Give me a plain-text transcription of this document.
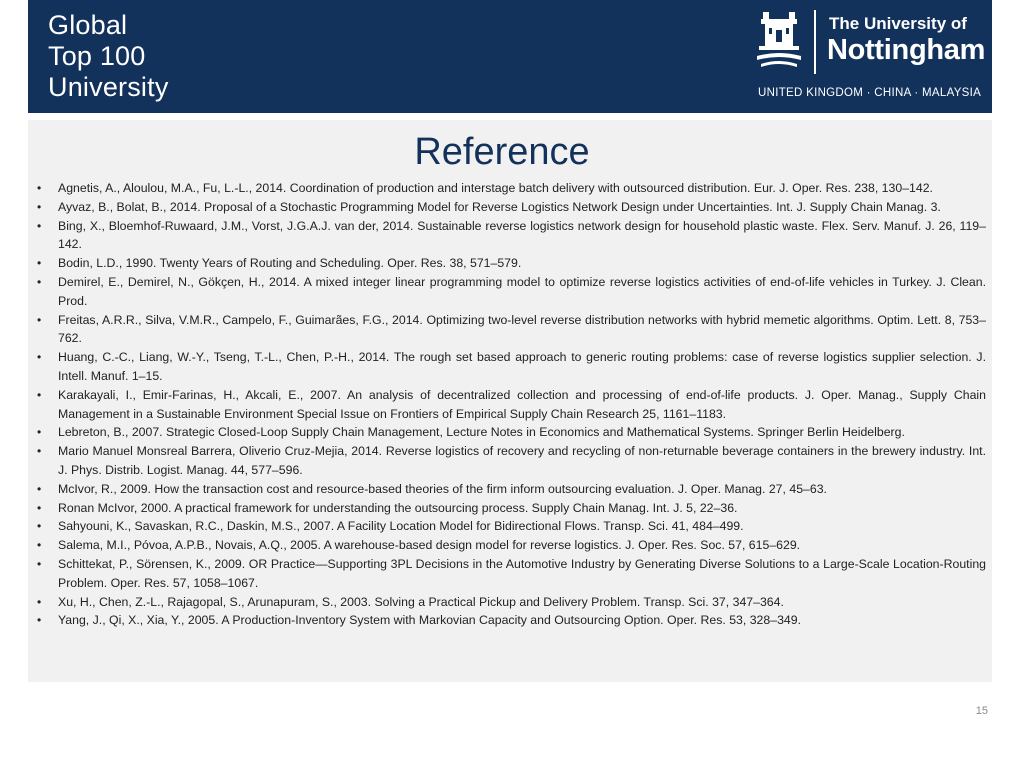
Global
Top 100
University
The University of
Nottingham
UNITED KINGDOM · CHINA · MALAYSIA
Reference
•	Agnetis, A., Aloulou, M.A., Fu, L.-L., 2014. Coordination of production and interstage batch delivery with outsourced distribution. Eur. J. Oper. Res. 238, 130–142.
•	Ayvaz, B., Bolat, B., 2014. Proposal of a Stochastic Programming Model for Reverse Logistics Network Design under Uncertainties. Int. J. Supply Chain Manag. 3.
•	Bing, X., Bloemhof-Ruwaard, J.M., Vorst, J.G.A.J. van der, 2014. Sustainable reverse logistics network design for household plastic waste. Flex. Serv. Manuf. J. 26, 119–142.
•	Bodin, L.D., 1990. Twenty Years of Routing and Scheduling. Oper. Res. 38, 571–579.
•	Demirel, E., Demirel, N., Gökçen, H., 2014. A mixed integer linear programming model to optimize reverse logistics activities of end-of-life vehicles in Turkey. J. Clean. Prod.
•	Freitas, A.R.R., Silva, V.M.R., Campelo, F., Guimarães, F.G., 2014. Optimizing two-level reverse distribution networks with hybrid memetic algorithms. Optim. Lett. 8, 753–762.
•	Huang, C.-C., Liang, W.-Y., Tseng, T.-L., Chen, P.-H., 2014. The rough set based approach to generic routing problems: case of reverse logistics supplier selection. J. Intell. Manuf. 1–15.
•	Karakayali, I., Emir-Farinas, H., Akcali, E., 2007. An analysis of decentralized collection and processing of end-of-life products. J. Oper. Manag., Supply Chain Management in a Sustainable Environment Special Issue on Frontiers of Empirical Supply Chain Research 25, 1161–1183.
•	Lebreton, B., 2007. Strategic Closed-Loop Supply Chain Management, Lecture Notes in Economics and Mathematical Systems. Springer Berlin Heidelberg.
•	Mario Manuel Monsreal Barrera, Oliverio Cruz-Mejia, 2014. Reverse logistics of recovery and recycling of non-returnable beverage containers in the brewery industry. Int. J. Phys. Distrib. Logist. Manag. 44, 577–596.
•	McIvor, R., 2009. How the transaction cost and resource-based theories of the firm inform outsourcing evaluation. J. Oper. Manag. 27, 45–63.
•	Ronan McIvor, 2000. A practical framework for understanding the outsourcing process. Supply Chain Manag. Int. J. 5, 22–36.
•	Sahyouni, K., Savaskan, R.C., Daskin, M.S., 2007. A Facility Location Model for Bidirectional Flows. Transp. Sci. 41, 484–499.
•	Salema, M.I., Póvoa, A.P.B., Novais, A.Q., 2005. A warehouse-based design model for reverse logistics. J. Oper. Res. Soc. 57, 615–629.
•	Schittekat, P., Sörensen, K., 2009. OR Practice—Supporting 3PL Decisions in the Automotive Industry by Generating Diverse Solutions to a Large-Scale Location-Routing Problem. Oper. Res. 57, 1058–1067.
•	Xu, H., Chen, Z.-L., Rajagopal, S., Arunapuram, S., 2003. Solving a Practical Pickup and Delivery Problem. Transp. Sci. 37, 347–364.
•	Yang, J., Qi, X., Xia, Y., 2005. A Production-Inventory System with Markovian Capacity and Outsourcing Option. Oper. Res. 53, 328–349.
15
